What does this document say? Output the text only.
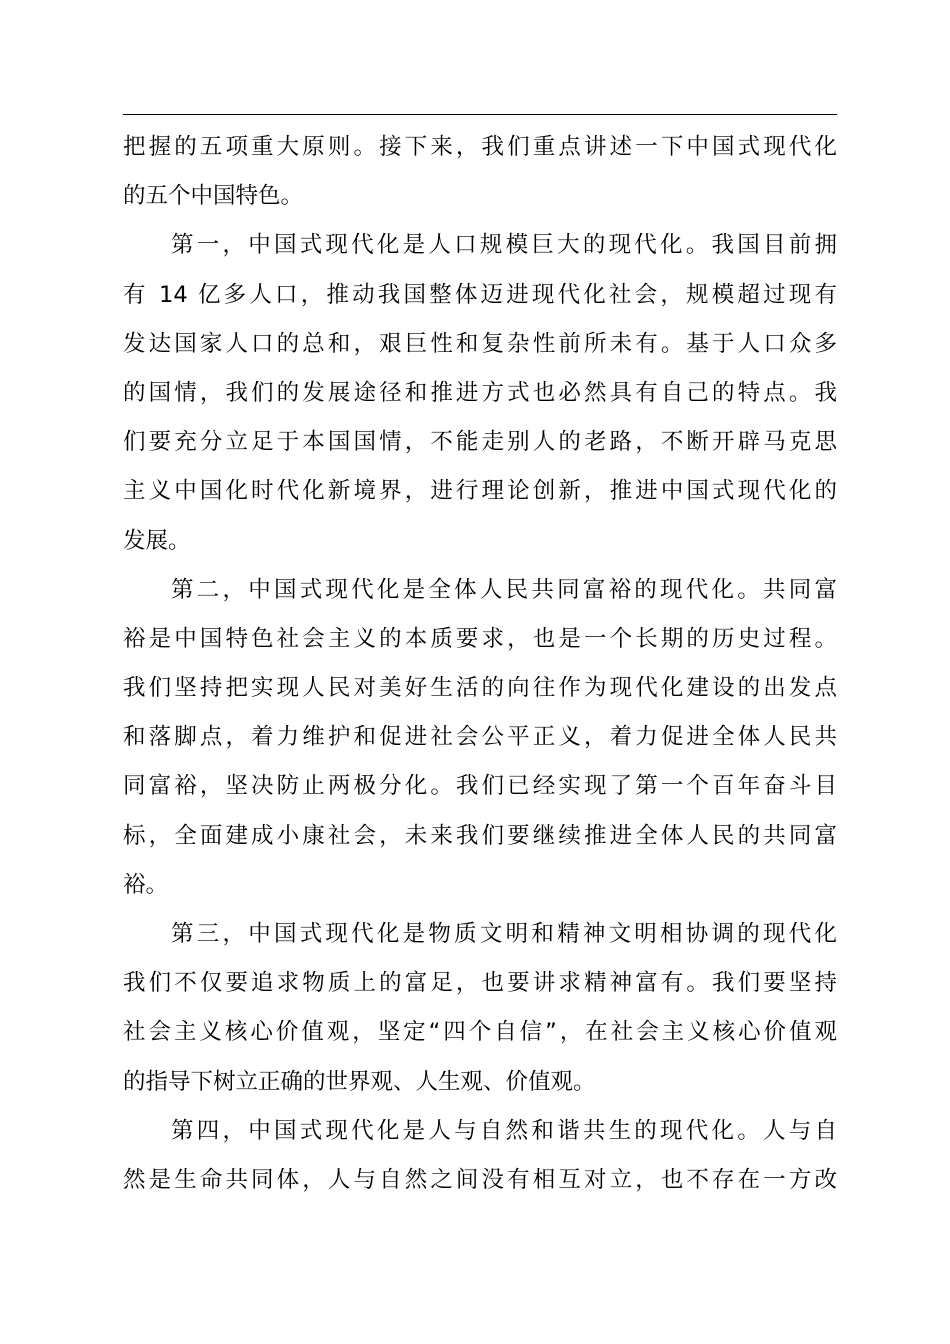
把握的五项重大原则。接下来，我们重点讲述一下中国式现代化
的五个中国特色。
第一，中国式现代化是人口规模巨大的现代化。我国目前拥
有 14 亿多人口，推动我国整体迈进现代化社会，规模超过现有
发达国家人口的总和，艰巨性和复杂性前所未有。基于人口众多
的国情，我们的发展途径和推进方式也必然具有自己的特点。我
们要充分立足于本国国情，不能走别人的老路，不断开辟马克思
主义中国化时代化新境界，进行理论创新，推进中国式现代化的
发展。
第二，中国式现代化是全体人民共同富裕的现代化。共同富
裕是中国特色社会主义的本质要求，也是一个长期的历史过程。
我们坚持把实现人民对美好生活的向往作为现代化建设的出发点
和落脚点，着力维护和促进社会公平正义，着力促进全体人民共
同富裕，坚决防止两极分化。我们已经实现了第一个百年奋斗目
标，全面建成小康社会，未来我们要继续推进全体人民的共同富
裕。
第三，中国式现代化是物质文明和精神文明相协调的现代化
我们不仅要追求物质上的富足，也要讲求精神富有。我们要坚持
社会主义核心价值观，坚定“四个自信”，在社会主义核心价值观
的指导下树立正确的世界观、人生观、价值观。
第四，中国式现代化是人与自然和谐共生的现代化。人与自
然是生命共同体，人与自然之间没有相互对立，也不存在一方改
